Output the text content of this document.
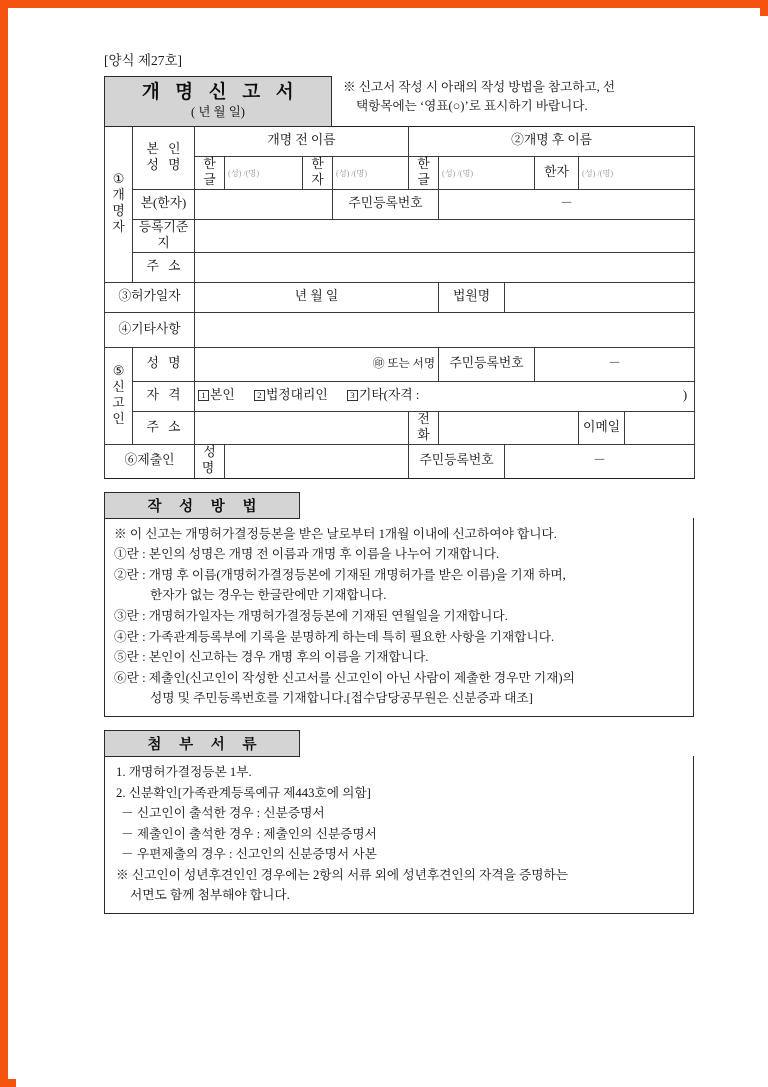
[양식 제27호]
개 명 신 고 서
( 년 월 일)
※ 신고서 작성 시 아래의 작성 방법을 참고하고, 선
택항목에는 ‘영표(○)’로 표시하기 바랍니다.
①
개
명
자

본 인
성 명
	개명 전 이름	②개명 후 이름
		한글	(성) /(명)	한자	(성) /(명)	한글	(성) /(명)		한자	(성) /(명)	
	본(한자)				주민등록번호		－				
	등록기준지										
	주 소										
③허가일자		년 월 일					법원명				
④기타사항											

⑤
신
고
인	성 명	㊞ 또는 서명					주민등록번호		－		
	자 격	1 본인 2 법정대리인 3 기타(자격 : )									

	주 소					전화				이메일	
⑥제출인		성 명				주민등록번호		－			
작 성 방 법
※ 이 신고는 개명허가결정등본을 받은 날로부터 1개월 이내에 신고하여야 합니다.
①란 : 본인의 성명은 개명 전 이름과 개명 후 이름을 나누어 기재합니다.
②란 : 개명 후 이름(개명허가결정등본에 기재된 개명허가를 받은 이름)을 기재 하며,
한자가 없는 경우는 한글란에만 기재합니다.
③란 : 개명허가일자는 개명허가결정등본에 기재된 연월일을 기재합니다.
④란 : 가족관계등록부에 기록을 분명하게 하는데 특히 필요한 사항을 기재합니다.
⑤란 : 본인이 신고하는 경우 개명 후의 이름을 기재합니다.
⑥란 : 제출인(신고인이 작성한 신고서를 신고인이 아닌 사람이 제출한 경우만 기재)의
성명 및 주민등록번호를 기재합니다.[접수담당공무원은 신분증과 대조]
첨 부 서 류
1. 개명허가결정등본 1부.
2. 신분확인[가족관계등록예규 제443호에 의함]
－ 신고인이 출석한 경우 : 신분증명서
－ 제출인이 출석한 경우 : 제출인의 신분증명서
－ 우편제출의 경우 : 신고인의 신분증명서 사본
※ 신고인이 성년후견인인 경우에는 2항의 서류 외에 성년후견인의 자격을 증명하는
서면도 함께 첨부해야 합니다.
